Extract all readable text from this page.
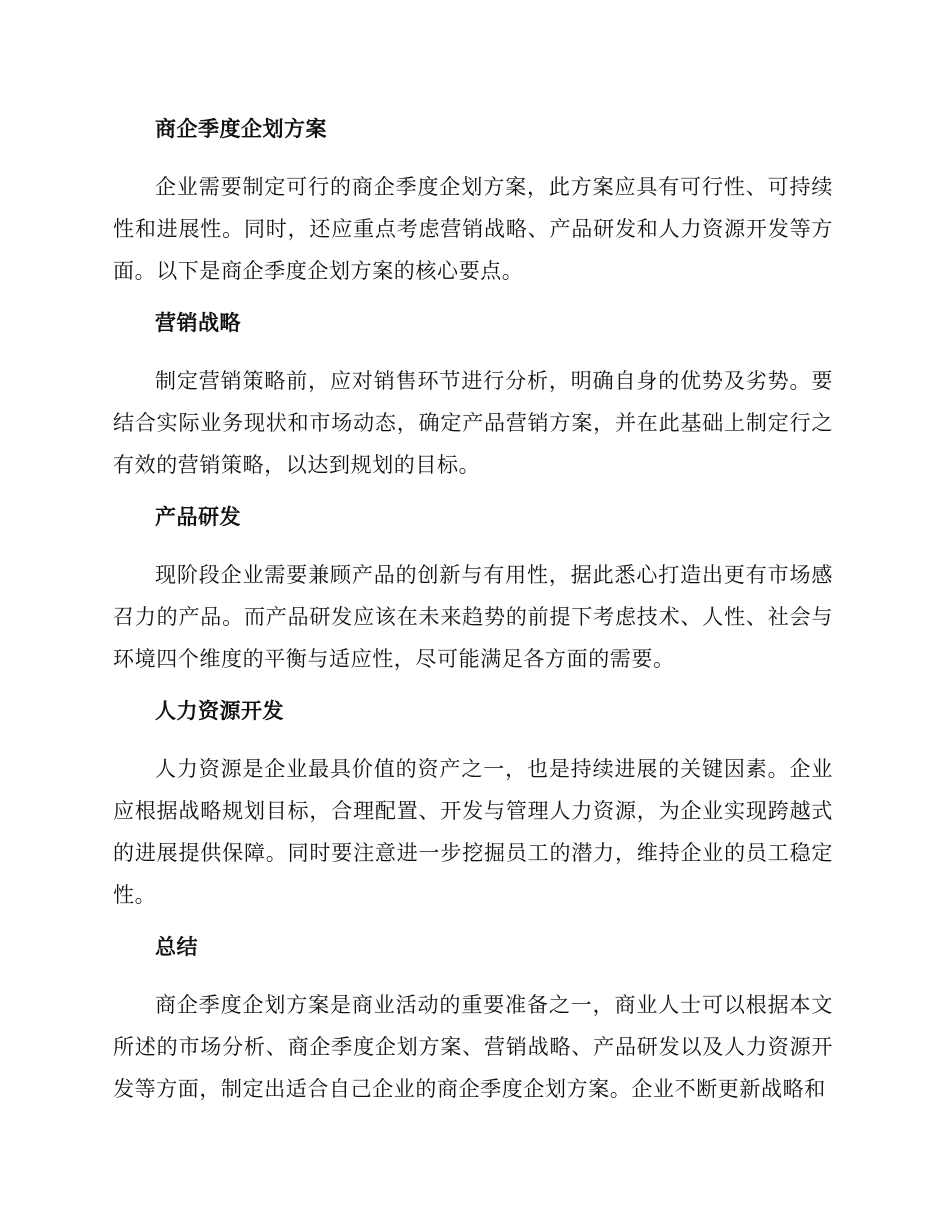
商企季度企划方案

企业需要制定可行的商企季度企划方案，此方案应具有可行性、可持续性和进展性。同时，还应重点考虑营销战略、产品研发和人力资源开发等方面。以下是商企季度企划方案的核心要点。

营销战略

制定营销策略前，应对销售环节进行分析，明确自身的优势及劣势。要结合实际业务现状和市场动态，确定产品营销方案，并在此基础上制定行之有效的营销策略，以达到规划的目标。

产品研发

现阶段企业需要兼顾产品的创新与有用性，据此悉心打造出更有市场感召力的产品。而产品研发应该在未来趋势的前提下考虑技术、人性、社会与环境四个维度的平衡与适应性，尽可能满足各方面的需要。

人力资源开发

人力资源是企业最具价值的资产之一，也是持续进展的关键因素。企业应根据战略规划目标，合理配置、开发与管理人力资源，为企业实现跨越式的进展提供保障。同时要注意进一步挖掘员工的潜力，维持企业的员工稳定性。

总结

商企季度企划方案是商业活动的重要准备之一，商业人士可以根据本文所述的市场分析、商企季度企划方案、营销战略、产品研发以及人力资源开发等方面，制定出适合自己企业的商企季度企划方案。企业不断更新战略和
